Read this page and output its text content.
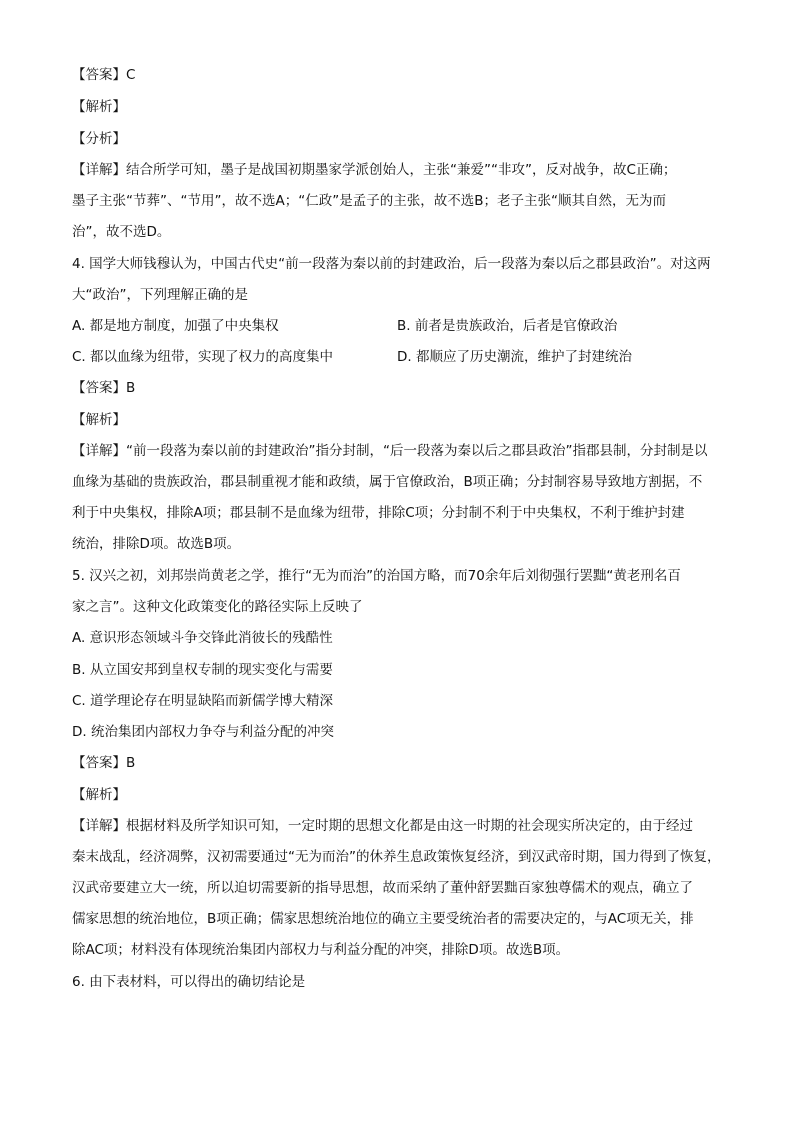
【答案】C
【解析】
【分析】
【详解】结合所学可知，墨子是战国初期墨家学派创始人，主张“兼爱”“非攻”，反对战争，故C正确；
墨子主张“节葬”、“节用”，故不选A；“仁政”是孟子的主张，故不选B；老子主张“顺其自然，无为而
治”，故不选D。
4. 国学大师钱穆认为，中国古代史“前一段落为秦以前的封建政治，后一段落为秦以后之郡县政治”。对这两
大“政治”，下列理解正确的是
A. 都是地方制度，加强了中央集权	B. 前者是贵族政治，后者是官僚政治
C. 都以血缘为纽带，实现了权力的高度集中	D. 都顺应了历史潮流，维护了封建统治
【答案】B
【解析】
【详解】“前一段落为秦以前的封建政治”指分封制，“后一段落为秦以后之郡县政治”指郡县制，分封制是以
血缘为基础的贵族政治，郡县制重视才能和政绩，属于官僚政治，B项正确；分封制容易导致地方割据，不
利于中央集权，排除A项；郡县制不是血缘为纽带，排除C项；分封制不利于中央集权，不利于维护封建
统治，排除D项。故选B项。
5. 汉兴之初，刘邦崇尚黄老之学，推行“无为而治”的治国方略，而70余年后刘彻强行罢黜“黄老刑名百
家之言”。这种文化政策变化的路径实际上反映了
A. 意识形态领域斗争交锋此消彼长的残酷性
B. 从立国安邦到皇权专制的现实变化与需要
C. 道学理论存在明显缺陷而新儒学博大精深
D. 统治集团内部权力争夺与利益分配的冲突
【答案】B
【解析】
【详解】根据材料及所学知识可知，一定时期的思想文化都是由这一时期的社会现实所决定的，由于经过
秦末战乱，经济凋弊，汉初需要通过“无为而治”的休养生息政策恢复经济，到汉武帝时期，国力得到了恢复，
汉武帝要建立大一统，所以迫切需要新的指导思想，故而采纳了董仲舒罢黜百家独尊儒术的观点，确立了
儒家思想的统治地位，B项正确；儒家思想统治地位的确立主要受统治者的需要决定的，与AC项无关，排
除AC项；材料没有体现统治集团内部权力与利益分配的冲突，排除D项。故选B项。
6. 由下表材料，可以得出的确切结论是
